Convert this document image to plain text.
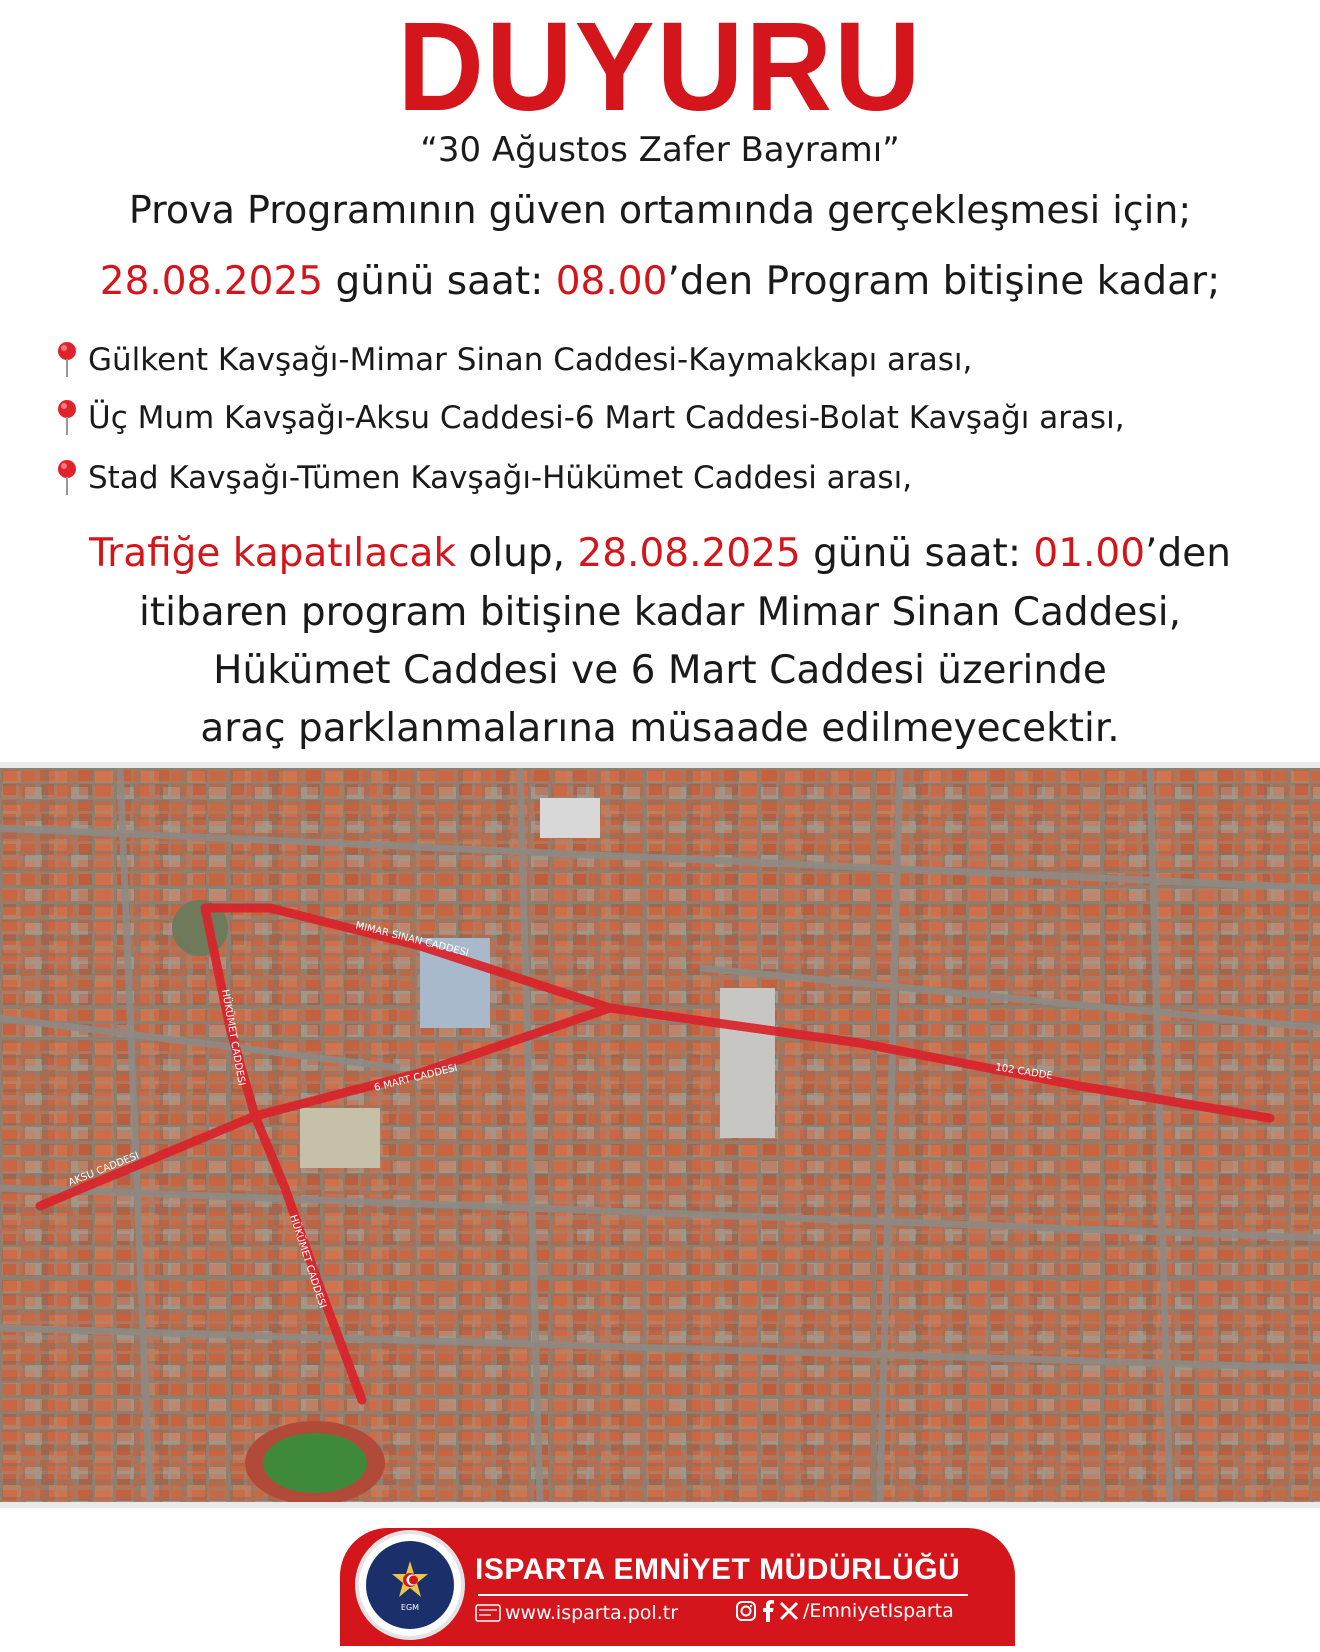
DUYURU
“30 Ağustos Zafer Bayramı”
Prova Programının güven ortamında gerçekleşmesi için;
28.08.2025 günü saat: 08.00’den Program bitişine kadar;
Gülkent Kavşağı-Mimar Sinan Caddesi-Kaymakkapı arası,
Üç Mum Kavşağı-Aksu Caddesi-6 Mart Caddesi-Bolat Kavşağı arası,
Stad Kavşağı-Tümen Kavşağı-Hükümet Caddesi arası,
Trafiğe kapatılacak olup, 28.08.2025 günü saat: 01.00’den
itibaren program bitişine kadar Mimar Sinan Caddesi,
Hükümet Caddesi ve 6 Mart Caddesi üzerinde
araç parklanmalarına müsaade edilmeyecektir.
MIMAR SINAN CADDESI
6 MART CADDESI
AKSU CADDESI
102 CADDE
HÜKÜMET CADDESI
HÜKÜMET CADDESI
EGM
ISPARTA EMNİYET MÜDÜRLÜĞÜ
www.isparta.pol.tr	/EmniyetIsparta
